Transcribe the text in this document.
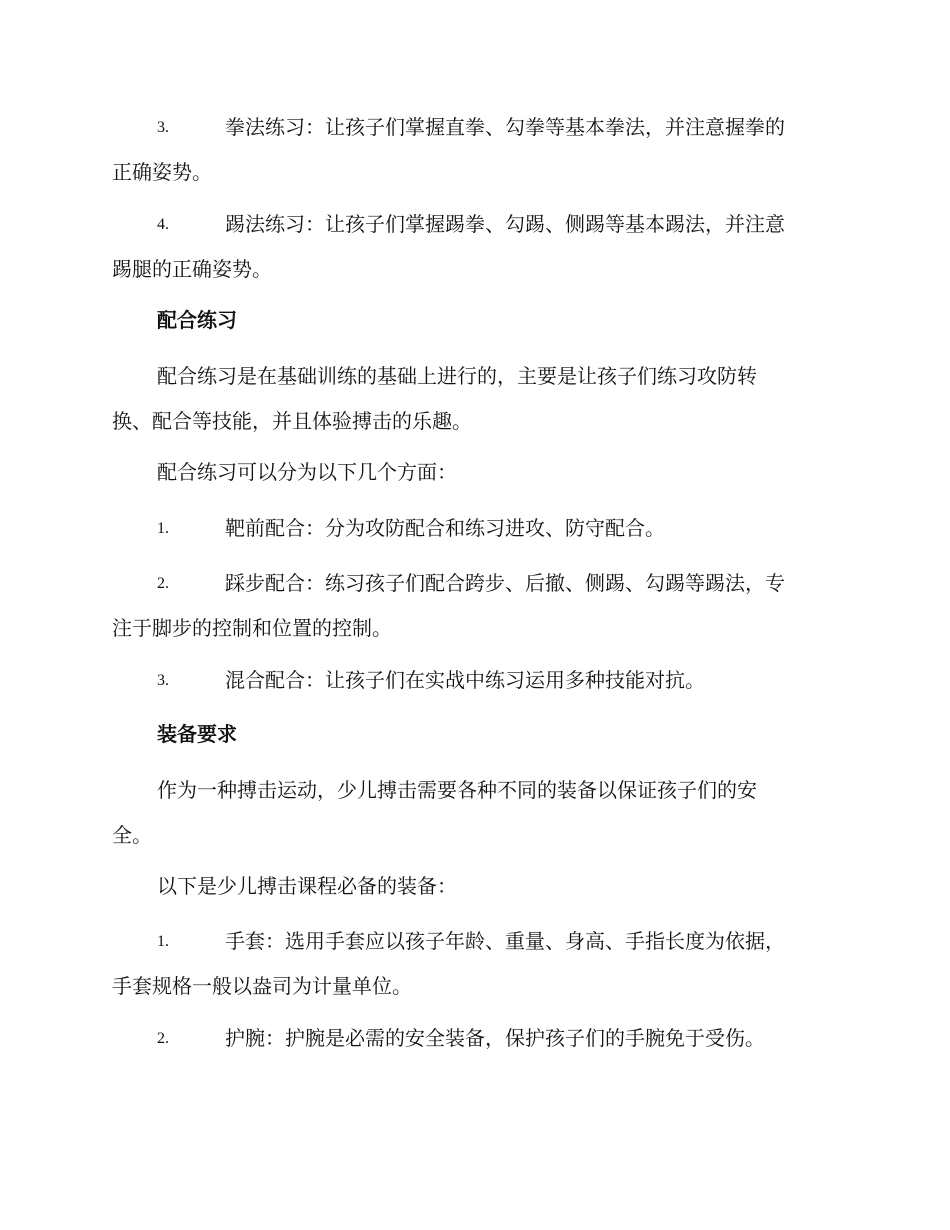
3.	拳法练习：让孩子们掌握直拳、勾拳等基本拳法，并注意握拳的
正确姿势。
4.	踢法练习：让孩子们掌握踢拳、勾踢、侧踢等基本踢法，并注意
踢腿的正确姿势。
配合练习
配合练习是在基础训练的基础上进行的，主要是让孩子们练习攻防转
换、配合等技能，并且体验搏击的乐趣。
配合练习可以分为以下几个方面：
1.	靶前配合：分为攻防配合和练习进攻、防守配合。
2.	踩步配合：练习孩子们配合跨步、后撤、侧踢、勾踢等踢法，专
注于脚步的控制和位置的控制。
3.	混合配合：让孩子们在实战中练习运用多种技能对抗。
装备要求
作为一种搏击运动，少儿搏击需要各种不同的装备以保证孩子们的安
全。
以下是少儿搏击课程必备的装备：
1.	手套：选用手套应以孩子年龄、重量、身高、手指长度为依据，
手套规格一般以盎司为计量单位。
2.	护腕：护腕是必需的安全装备，保护孩子们的手腕免于受伤。
